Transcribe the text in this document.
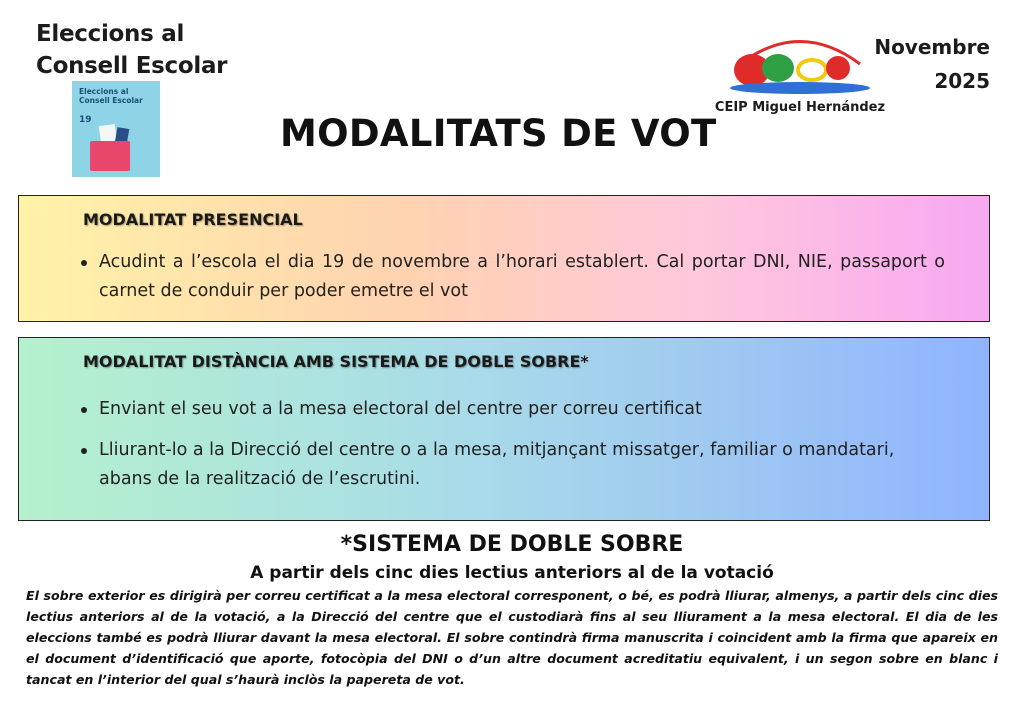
Eleccions al
Consell Escolar
Eleccions al Consell Escolar
19
CEIP Miguel Hernández
Novembre
2025
MODALITATS DE VOT
MODALITAT PRESENCIAL
Acudint a l’escola el dia 19 de novembre a l’horari establert. Cal portar DNI, NIE, passaport o carnet de conduir per poder emetre el vot
MODALITAT DISTÀNCIA AMB SISTEMA DE DOBLE SOBRE*
Enviant el seu vot a la mesa electoral del centre per correu certificat
Lliurant-lo a la Direcció del centre o a la mesa, mitjançant missatger, familiar o mandatari, abans de la realització de l’escrutini.
*SISTEMA DE DOBLE SOBRE
A partir dels cinc dies lectius anteriors al de la votació
El sobre exterior es dirigirà per correu certificat a la mesa electoral corresponent, o bé, es podrà lliurar, almenys, a partir dels cinc dies lectius anteriors al de la votació, a la Direcció del centre que el custodiarà fins al seu lliurament a la mesa electoral. El dia de les eleccions també es podrà lliurar davant la mesa electoral. El sobre contindrà firma manuscrita i coincident amb la firma que apareix en el document d’identificació que aporte, fotocòpia del DNI o d’un altre document acreditatiu equivalent, i un segon sobre en blanc i tancat en l’interior del qual s’haurà inclòs la papereta de vot.
